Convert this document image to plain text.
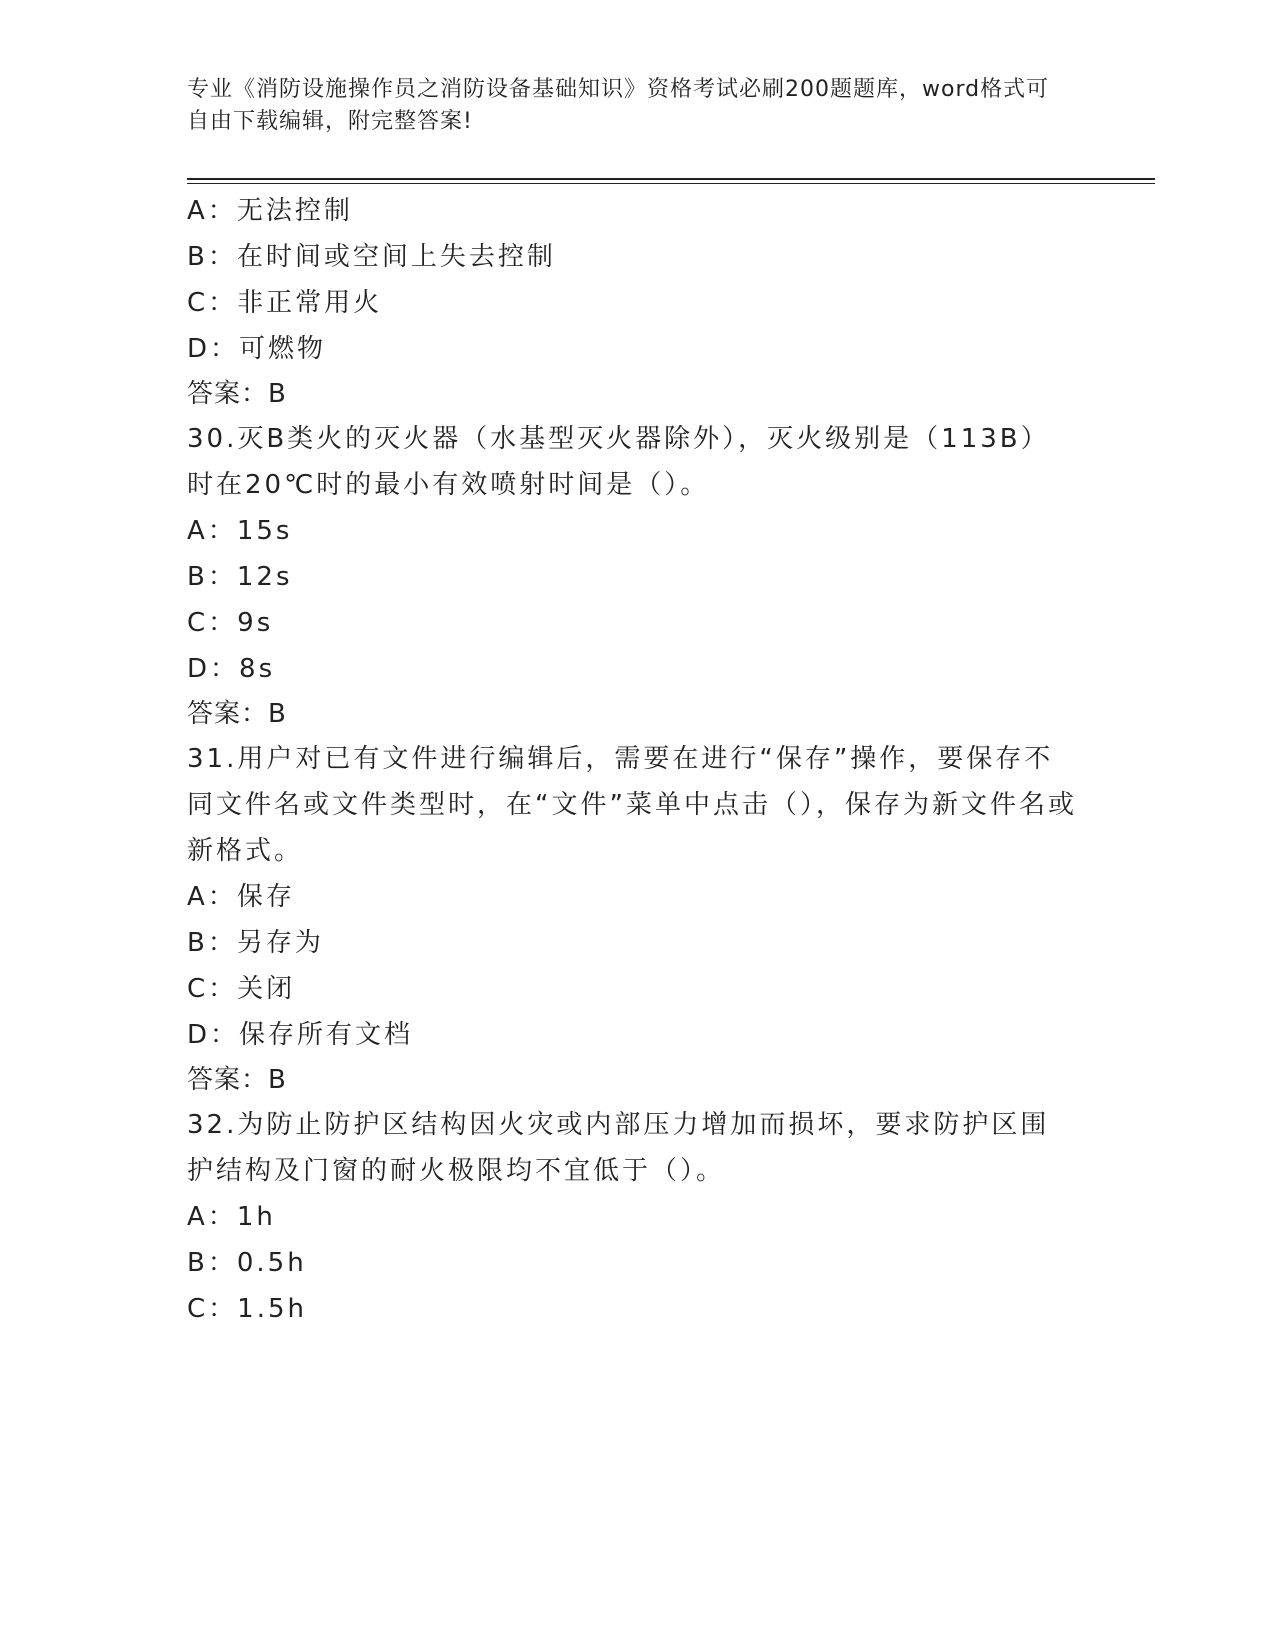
专业《消防设施操作员之消防设备基础知识》资格考试必刷200题题库，word格式可自由下载编辑，附完整答案!
A ： 无法控制
B ： 在时间或空间上失去控制
C ： 非正常用火
D ： 可燃物
答案：B
30.灭B类火的灭火器（水基型灭火器除外），灭火级别是（113B）时在20℃时的最小有效喷射时间是（）。
A ： 15s
B ： 12s
C ： 9s
D ： 8s
答案：B
31.用户对已有文件进行编辑后，需要在进行“保存”操作，要保存不同文件名或文件类型时，在“文件”菜单中点击（），保存为新文件名或新格式。
A ： 保存
B ： 另存为
C ： 关闭
D ： 保存所有文档
答案：B
32.为防止防护区结构因火灾或内部压力增加而损坏，要求防护区围护结构及门窗的耐火极限均不宜低于（）。
A ： 1h
B ： 0.5h
C ： 1.5h
